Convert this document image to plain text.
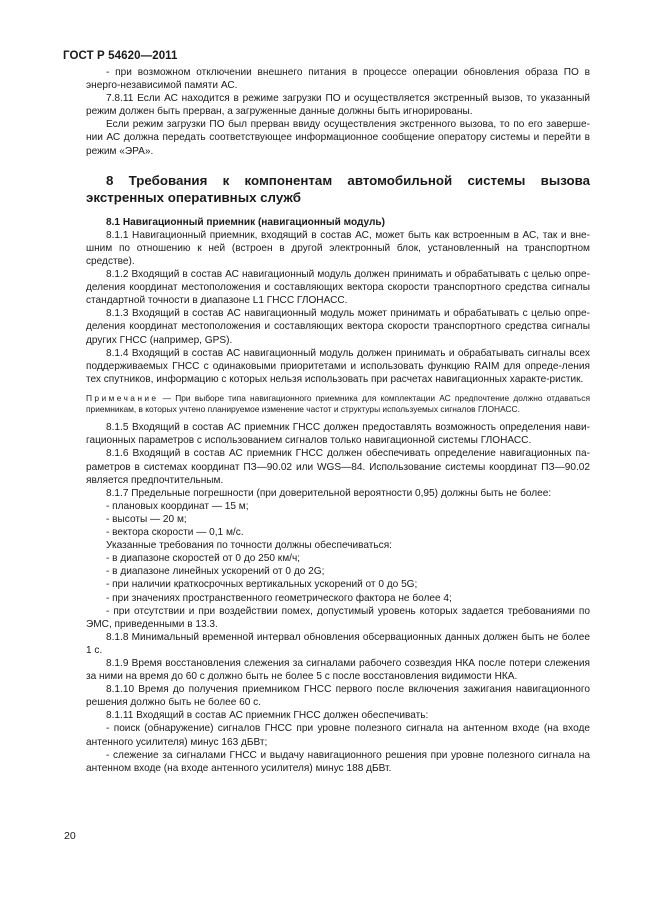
ГОСТ Р 54620—2011

- при возможном отключении внешнего питания в процессе операции обновления образа ПО в энерго-независимой памяти АС.

7.8.11 Если АС находится в режиме загрузки ПО и осуществляется экстренный вызов, то указанный режим должен быть прерван, а загруженные данные должны быть игнорированы.

Если режим загрузки ПО был прерван ввиду осуществления экстренного вызова, то по его заверше-нии АС должна передать соответствующее информационное сообщение оператору системы и перейти в режим «ЭРА».

8 Требования к компонентам автомобильной системы вызова экстренных оперативных служб

8.1 Навигационный приемник (навигационный модуль)

8.1.1 Навигационный приемник, входящий в состав АС, может быть как встроенным в АС, так и вне-шним по отношению к ней (встроен в другой электронный блок, установленный на транспортном средстве).

8.1.2 Входящий в состав АС навигационный модуль должен принимать и обрабатывать с целью опре-деления координат местоположения и составляющих вектора скорости транспортного средства сигналы стандартной точности в диапазоне L1 ГНСС ГЛОНАСС.

8.1.3 Входящий в состав АС навигационный модуль может принимать и обрабатывать с целью опре-деления координат местоположения и составляющих вектора скорости транспортного средства сигналы других ГНСС (например, GPS).

8.1.4 Входящий в состав АС навигационный модуль должен принимать и обрабатывать сигналы всех поддерживаемых ГНСС с одинаковыми приоритетами и использовать функцию RAIM для опреде-ления тех спутников, информацию с которых нельзя использовать при расчетах навигационных характе-ристик.

Примечание — При выборе типа навигационного приемника для комплектации АС предпочтение должно отдаваться приемникам, в которых учтено планируемое изменение частот и структуры используемых сигналов ГЛОНАСС.

8.1.5 Входящий в состав АС приемник ГНСС должен предоставлять возможность определения нави-гационных параметров с использованием сигналов только навигационной системы ГЛОНАСС.

8.1.6 Входящий в состав АС приемник ГНСС должен обеспечивать определение навигационных па-раметров в системах координат ПЗ—90.02 или WGS—84. Использование системы координат ПЗ—90.02 является предпочтительным.

8.1.7 Предельные погрешности (при доверительной вероятности 0,95) должны быть не более:

- плановых координат — 15 м;

- высоты — 20 м;

- вектора скорости — 0,1 м/с.

Указанные требования по точности должны обеспечиваться:

- в диапазоне скоростей от 0 до 250 км/ч;

- в диапазоне линейных ускорений от 0 до 2G;

- при наличии краткосрочных вертикальных ускорений от 0 до 5G;

- при значениях пространственного геометрического фактора не более 4;

- при отсутствии и при воздействии помех, допустимый уровень которых задается требованиями по ЭМС, приведенными в 13.3.

8.1.8 Минимальный временной интервал обновления обсервационных данных должен быть не более 1 с.

8.1.9 Время восстановления слежения за сигналами рабочего созвездия НКА после потери слежения за ними на время до 60 с должно быть не более 5 с после восстановления видимости НКА.

8.1.10 Время до получения приемником ГНСС первого после включения зажигания навигационного решения должно быть не более 60 с.

8.1.11 Входящий в состав АС приемник ГНСС должен обеспечивать:

- поиск (обнаружение) сигналов ГНСС при уровне полезного сигнала на антенном входе (на входе антенного усилителя) минус 163 дБВт;

- слежение за сигналами ГНСС и выдачу навигационного решения при уровне полезного сигнала на антенном входе (на входе антенного усилителя) минус 188 дБВт.

20
